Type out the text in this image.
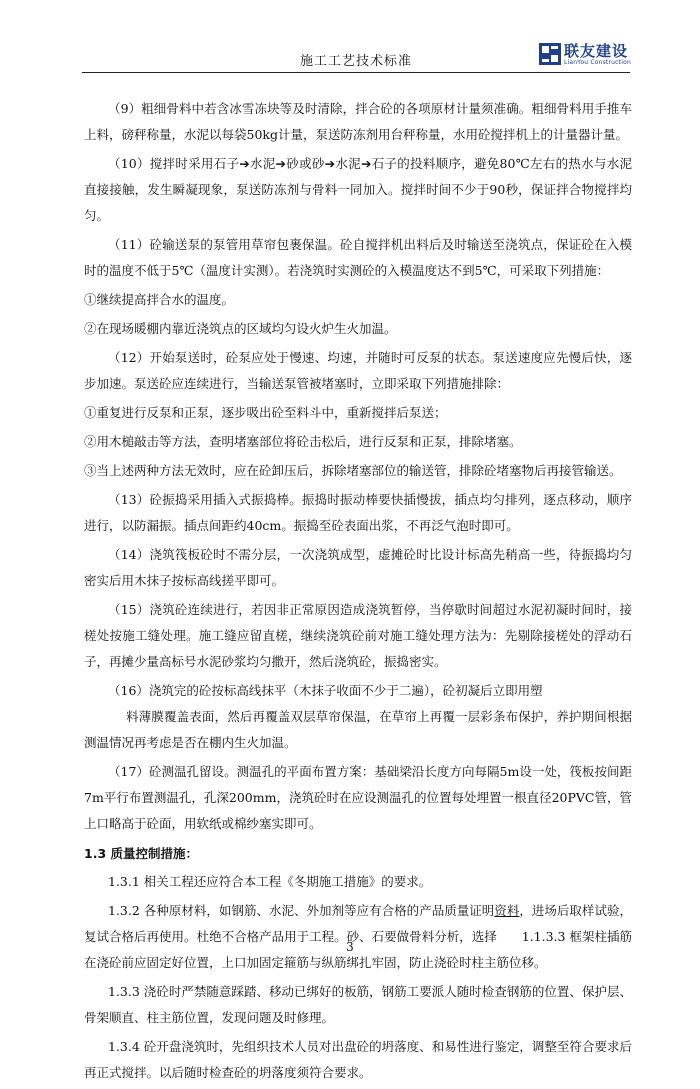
施工工艺技术标准
联友建设
LianYou Construction

（9）粗细骨料中若含冰雪冻块等及时清除，拌合砼的各项原材计量须准确。粗细骨料用手推车上料，磅秤称量，水泥以每袋50kg计量，泵送防冻剂用台秤称量，水用砼搅拌机上的计量器计量。

（10）搅拌时采用石子➔水泥➔砂或砂➔水泥➔石子的投料顺序，避免80℃左右的热水与水泥直接接触，发生瞬凝现象，泵送防冻剂与骨料一同加入。搅拌时间不少于90秒，保证拌合物搅拌均匀。

（11）砼输送泵的泵管用草帘包裹保温。砼自搅拌机出料后及时输送至浇筑点，保证砼在入模时的温度不低于5℃（温度计实测）。若浇筑时实测砼的入模温度达不到5℃，可采取下列措施：

①继续提高拌合水的温度。

②在现场暖棚内靠近浇筑点的区域均匀设火炉生火加温。

（12）开始泵送时，砼泵应处于慢速、均速，并随时可反泵的状态。泵送速度应先慢后快，逐步加速。泵送砼应连续进行，当输送泵管被堵塞时，立即采取下列措施排除：

①重复进行反泵和正泵，逐步吸出砼至料斗中，重新搅拌后泵送；

②用木槌敲击等方法，查明堵塞部位将砼击松后，进行反泵和正泵，排除堵塞。

③当上述两种方法无效时，应在砼卸压后，拆除堵塞部位的输送管，排除砼堵塞物后再接管输送。

（13）砼振捣采用插入式振捣棒。振捣时振动棒要快插慢拔，插点均匀排列，逐点移动，顺序进行，以防漏振。插点间距约40cm。振捣至砼表面出浆，不再泛气泡时即可。

（14）浇筑筏板砼时不需分层，一次浇筑成型，虚摊砼时比设计标高先稍高一些，待振捣均匀密实后用木抹子按标高线搓平即可。

（15）浇筑砼连续进行，若因非正常原因造成浇筑暂停，当停歇时间超过水泥初凝时间时，接槎处按施工缝处理。施工缝应留直槎，继续浇筑砼前对施工缝处理方法为：先剔除接槎处的浮动石子，再摊少量高标号水泥砂浆均匀撒开，然后浇筑砼，振捣密实。

（16）浇筑完的砼按标高线抹平（木抹子收面不少于二遍），砼初凝后立即用塑

料薄膜覆盖表面，然后再覆盖双层草帘保温，在草帘上再覆一层彩条布保护，养护期间根据测温情况再考虑是否在棚内生火加温。

（17）砼测温孔留设。测温孔的平面布置方案：基础梁沿长度方向每隔5m设一处，筏板按间距7m平行布置测温孔，孔深200mm，浇筑砼时在应设测温孔的位置每处埋置一根直径20PVC管，管上口略高于砼面，用软纸或棉纱塞实即可。

1.3 质量控制措施：

1.3.1 相关工程还应符合本工程《冬期施工措施》的要求。

1.3.2 各种原材料，如钢筋、水泥、外加剂等应有合格的产品质量证明资料，进场后取样试验，复试合格后再使用。杜绝不合格产品用于工程。砂、石要做骨料分析，选择　　1.1.3.3 框架柱插筋在浇砼前应固定好位置，上口加固定箍筋与纵筋绑扎牢固，防止浇砼时柱主筋位移。

1.3.3 浇砼时严禁随意踩踏、移动已绑好的板筋，钢筋工要派人随时检查钢筋的位置、保护层、骨架顺直、柱主筋位置，发现问题及时修理。

1.3.4 砼开盘浇筑时，先组织技术人员对出盘砼的坍落度、和易性进行鉴定，调整至符合要求后再正式搅拌。以后随时检查砼的坍落度须符合要求。

3
